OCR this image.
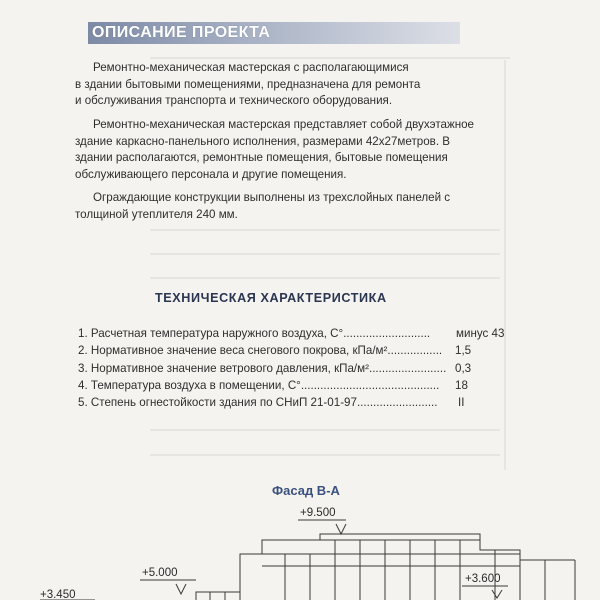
ОПИСАНИЕ ПРОЕКТА
Ремонтно-механическая мастерская с располагающимися
в здании бытовыми помещениями, предназначена для ремонта
и обслуживания транспорта и технического оборудования.
Ремонтно-механическая мастерская представляет собой двухэтажное
здание каркасно-панельного исполнения, размерами 42х27метров. В
здании располагаются, ремонтные помещения, бытовые помещения
обслуживающего персонала и другие помещения.
Ограждающие конструкции выполнены из трехслойных панелей с
толщиной утеплителя 240 мм.
ТЕХНИЧЕСКАЯ ХАРАКТЕРИСТИКА
1. Расчетная температура наружного воздуха, С°........................... минус 43
2. Нормативное значение веса снегового покрова, кПа/м²................. 1,5
3. Нормативное значение ветрового давления, кПа/м²........................ 0,3
4. Температура воздуха в помещении, С°........................................... 18
5. Степень огнестойкости здания по СНиП 21-01-97......................... II
Фасад В-А
+9.500
+5.000
+3.450
+3.600
